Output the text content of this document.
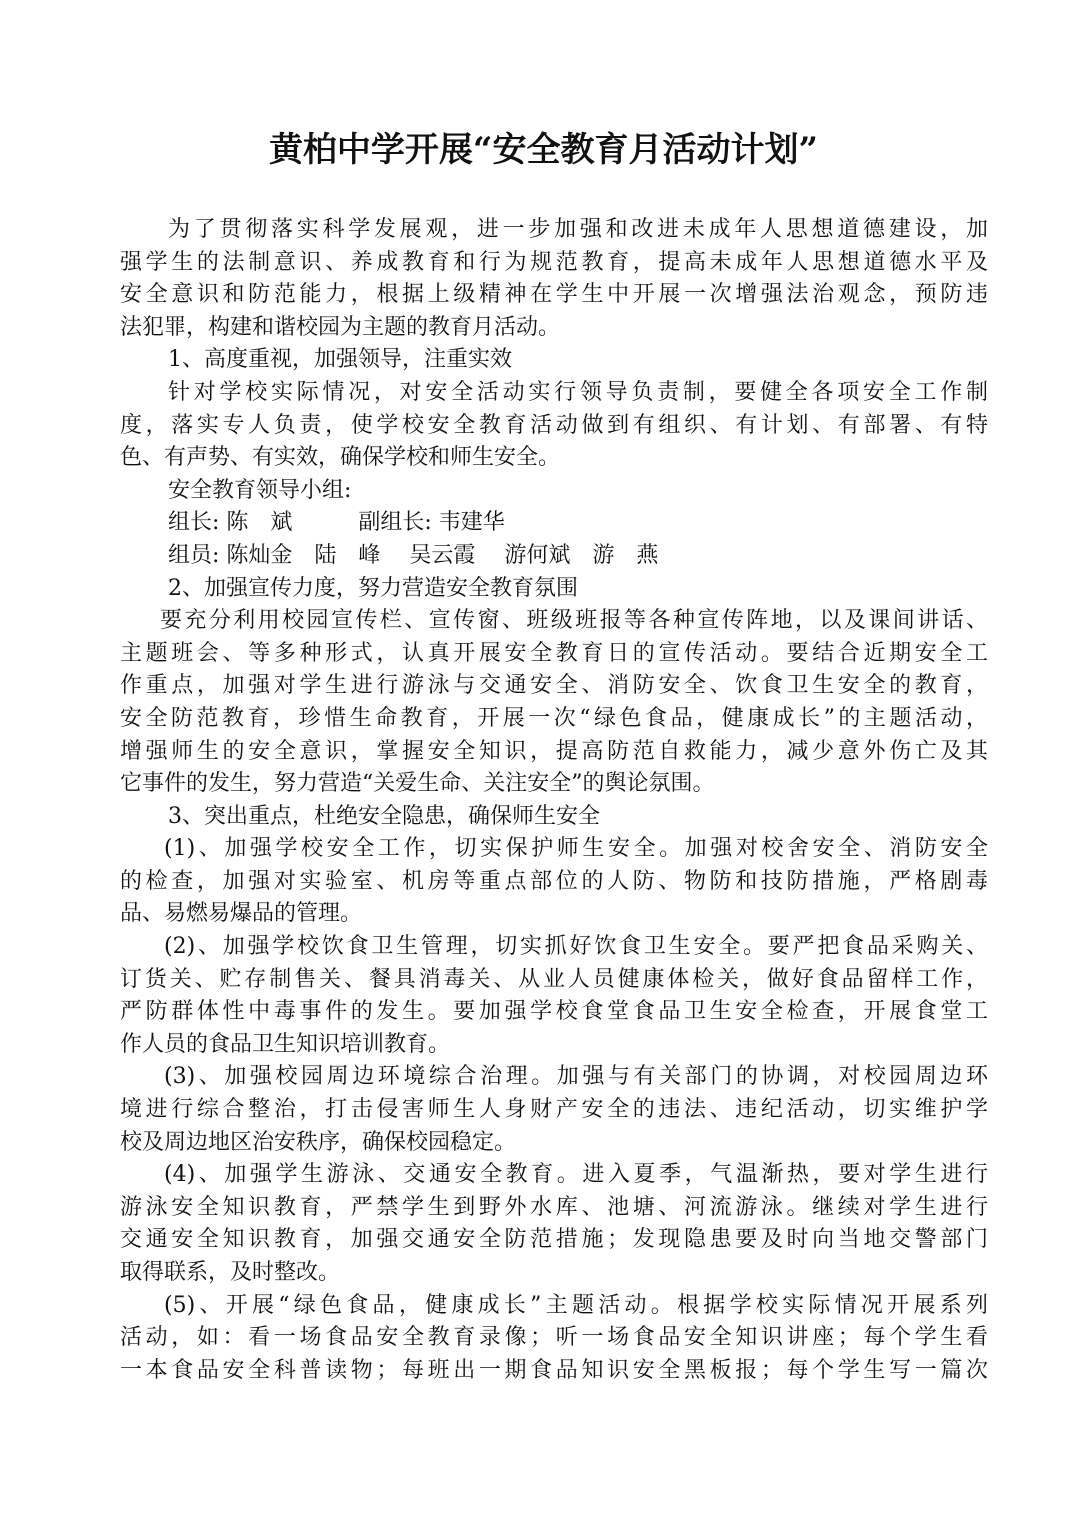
黄柏中学开展“安全教育月活动计划”
为了贯彻落实科学发展观，进一步加强和改进未成年人思想道德建设，加
强学生的法制意识、养成教育和行为规范教育，提高未成年人思想道德水平及
安全意识和防范能力，根据上级精神在学生中开展一次增强法治观念，预防违
法犯罪，构建和谐校园为主题的教育月活动。
1、高度重视，加强领导，注重实效
针对学校实际情况，对安全活动实行领导负责制，要健全各项安全工作制
度，落实专人负责，使学校安全教育活动做到有组织、有计划、有部署、有特
色、有声势、有实效，确保学校和师生安全。
安全教育领导小组:
组长: 陈　斌　　　副组长: 韦建华
组员: 陈灿金　陆　峰　 吴云霞　 游何斌　游　燕
2、加强宣传力度，努力营造安全教育氛围
要充分利用校园宣传栏、宣传窗、班级班报等各种宣传阵地，以及课间讲话、
主题班会、等多种形式，认真开展安全教育日的宣传活动。要结合近期安全工
作重点，加强对学生进行游泳与交通安全、消防安全、饮食卫生安全的教育，
安全防范教育，珍惜生命教育，开展一次“绿色食品，健康成长”的主题活动，
增强师生的安全意识，掌握安全知识，提高防范自救能力，减少意外伤亡及其
它事件的发生，努力营造“关爱生命、关注安全”的舆论氛围。
3、突出重点，杜绝安全隐患，确保师生安全
(1)、加强学校安全工作，切实保护师生安全。加强对校舍安全、消防安全
的检查，加强对实验室、机房等重点部位的人防、物防和技防措施，严格剧毒
品、易燃易爆品的管理。
(2)、加强学校饮食卫生管理，切实抓好饮食卫生安全。要严把食品采购关、
订货关、贮存制售关、餐具消毒关、从业人员健康体检关，做好食品留样工作，
严防群体性中毒事件的发生。要加强学校食堂食品卫生安全检查，开展食堂工
作人员的食品卫生知识培训教育。
(3)、加强校园周边环境综合治理。加强与有关部门的协调，对校园周边环
境进行综合整治，打击侵害师生人身财产安全的违法、违纪活动，切实维护学
校及周边地区治安秩序，确保校园稳定。
(4)、加强学生游泳、交通安全教育。进入夏季，气温渐热，要对学生进行
游泳安全知识教育，严禁学生到野外水库、池塘、河流游泳。继续对学生进行
交通安全知识教育，加强交通安全防范措施；发现隐患要及时向当地交警部门
取得联系，及时整改。
(5)、开展“绿色食品，健康成长”主题活动。根据学校实际情况开展系列
活动，如：看一场食品安全教育录像；听一场食品安全知识讲座；每个学生看
一本食品安全科普读物；每班出一期食品知识安全黑板报；每个学生写一篇次
